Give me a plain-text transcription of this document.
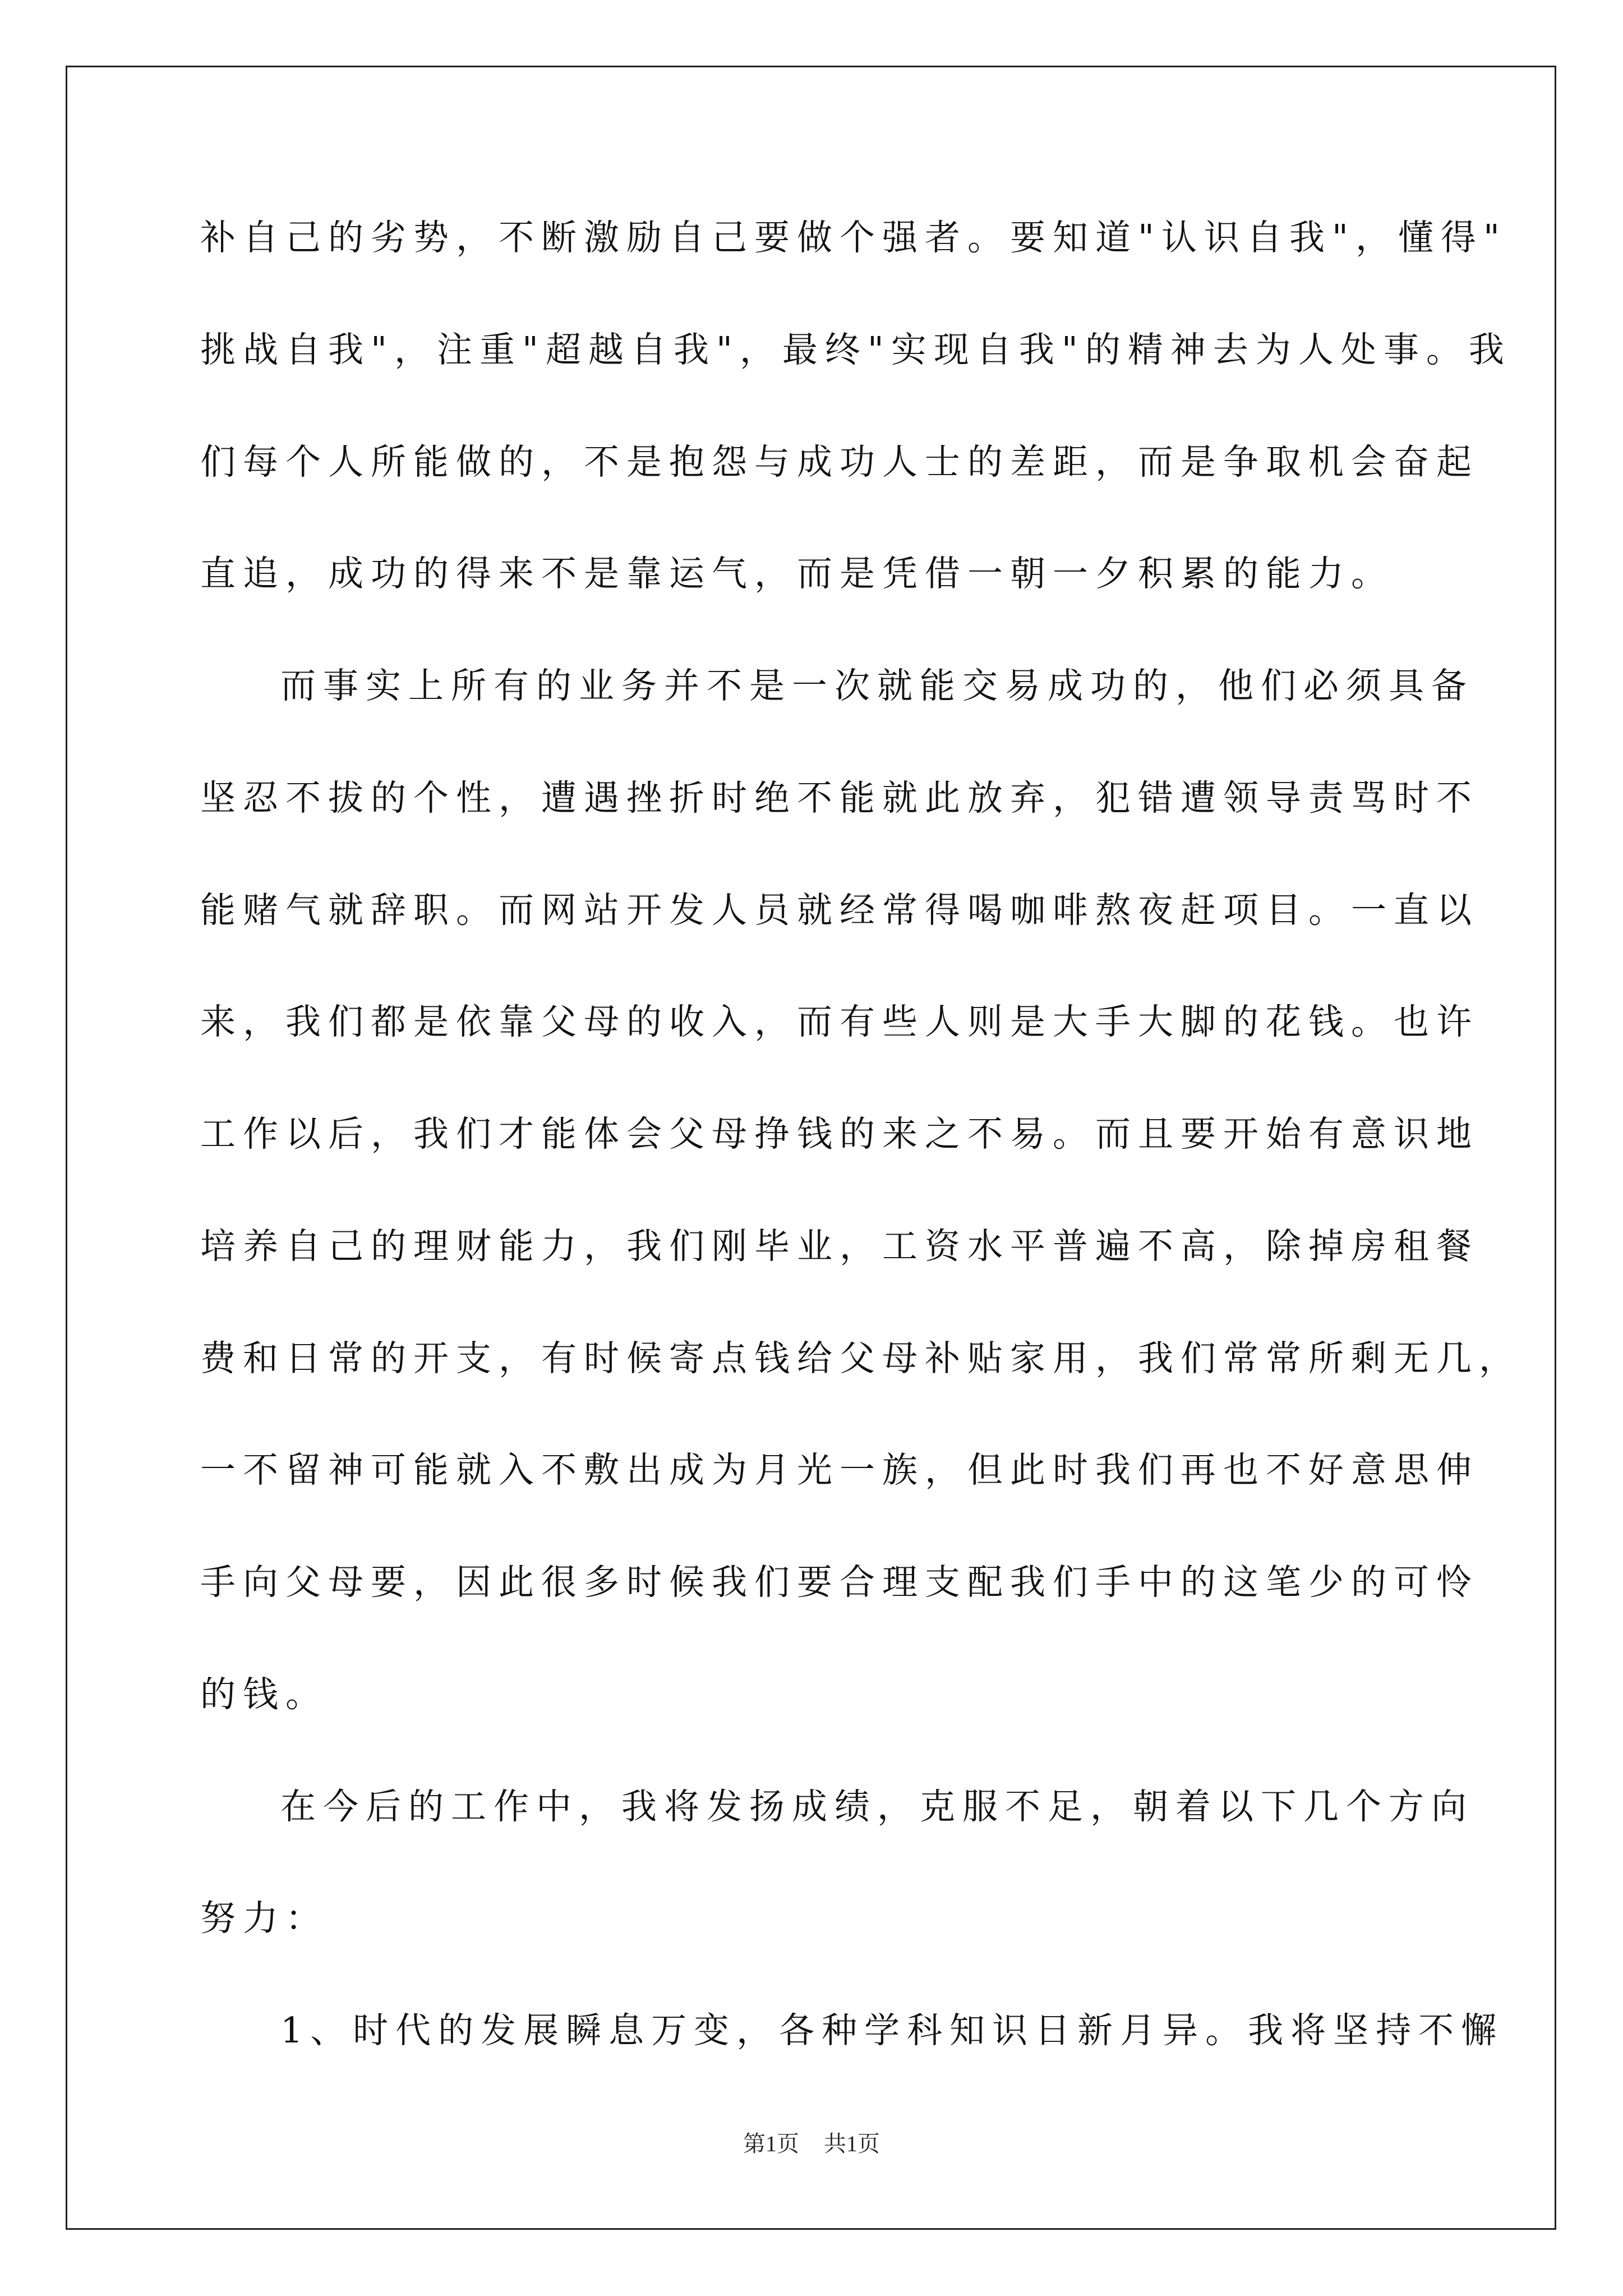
补自己的劣势，不断激励自己要做个强者。要知道"认识自我"，懂得"
挑战自我"，注重"超越自我"，最终"实现自我"的精神去为人处事。我
们每个人所能做的，不是抱怨与成功人士的差距，而是争取机会奋起
直追，成功的得来不是靠运气，而是凭借一朝一夕积累的能力。
而事实上所有的业务并不是一次就能交易成功的，他们必须具备
坚忍不拔的个性，遭遇挫折时绝不能就此放弃，犯错遭领导责骂时不
能赌气就辞职。而网站开发人员就经常得喝咖啡熬夜赶项目。一直以
来，我们都是依靠父母的收入，而有些人则是大手大脚的花钱。也许
工作以后，我们才能体会父母挣钱的来之不易。而且要开始有意识地
培养自己的理财能力，我们刚毕业，工资水平普遍不高，除掉房租餐
费和日常的开支，有时候寄点钱给父母补贴家用，我们常常所剩无几，
一不留神可能就入不敷出成为月光一族，但此时我们再也不好意思伸
手向父母要，因此很多时候我们要合理支配我们手中的这笔少的可怜
的钱。
在今后的工作中，我将发扬成绩，克服不足，朝着以下几个方向
努力：
1、时代的发展瞬息万变，各种学科知识日新月异。我将坚持不懈
第1页 共1页
